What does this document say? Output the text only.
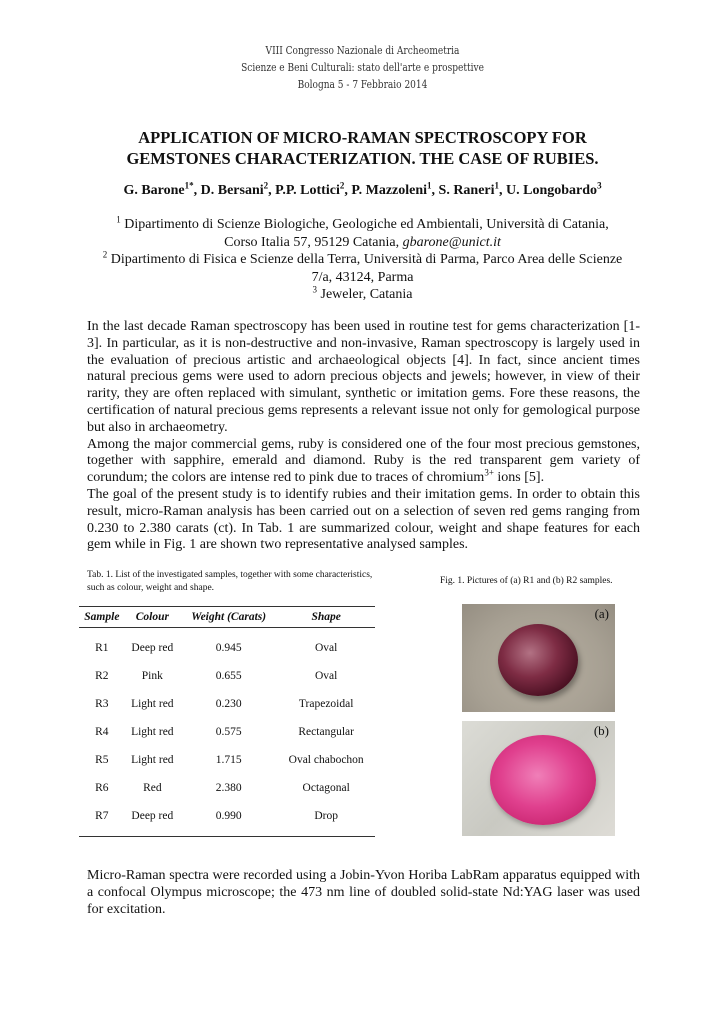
VIII Congresso Nazionale di Archeometria
Scienze e Beni Culturali: stato dell'arte e prospettive
Bologna 5 - 7 Febbraio 2014
APPLICATION OF MICRO-RAMAN SPECTROSCOPY FOR
GEMSTONES CHARACTERIZATION. THE CASE OF RUBIES.
G. Barone$^{1*}$, D. Bersani$^2$, P.P. Lottici$^2$, P. Mazzoleni$^1$, S. Raneri$^1$, U. Longobardo$^3$
$^1$ Dipartimento di Scienze Biologiche, Geologiche ed Ambientali, Università di Catania, Corso Italia 57, 95129 Catania, gbarone@unict.it
$^2$ Dipartimento di Fisica e Scienze della Terra, Università di Parma, Parco Area delle Scienze 7/a, 43124, Parma
$^3$ Jeweler, Catania

In the last decade Raman spectroscopy has been used in routine test for gems characterization [1-3]. In particular, as it is non-destructive and non-invasive, Raman spectroscopy is largely used in the evaluation of precious artistic and archaeological objects [4]. In fact, since ancient times natural precious gems were used to adorn precious objects and jewels; however, in view of their rarity, they are often replaced with simulant, synthetic or imitation gems. Fore these reasons, the certification of natural precious gems represents a relevant issue not only for gemological purpose but also in archaeometry.

Among the major commercial gems, ruby is considered one of the four most precious gemstones, together with sapphire, emerald and diamond. Ruby is the red transparent gem variety of corundum; the colors are intense red to pink due to traces of chromium$^{3+}$ ions [5].

The goal of the present study is to identify rubies and their imitation gems. In order to obtain this result, micro-Raman analysis has been carried out on a selection of seven red gems ranging from 0.230 to 2.380 carats (ct). In Tab. 1 are summarized colour, weight and shape features for each gem while in Fig. 1 are shown two representative analysed samples.

Tab. 1. List of the investigated samples, together with some characteristics, such as colour, weight and shape.
Fig. 1. Pictures of (a) R1 and (b) R2 samples.
Sample	Colour	Weight (Carats)	Shape
R1	Deep red	0.945	Oval
R2	Pink	0.655	Oval
R3	Light red	0.230	Trapezoidal
R4	Light red	0.575	Rectangular
R5	Light red	1.715	Oval chabochon
R6	Red	2.380	Octagonal
R7	Deep red	0.990	Drop
(a)
(b)

Micro-Raman spectra were recorded using a Jobin-Yvon Horiba LabRam apparatus equipped with a confocal Olympus microscope; the 473 nm line of doubled solid-state Nd:YAG laser was used for excitation.
